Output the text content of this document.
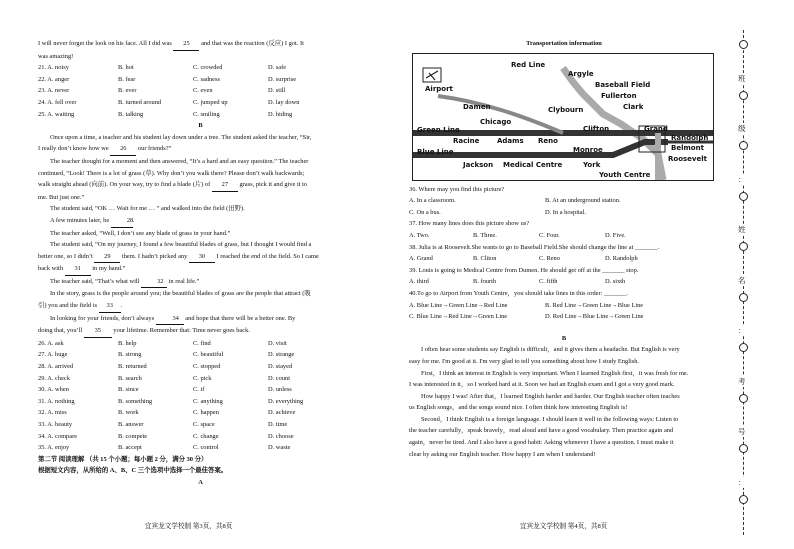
I will never forget the look on his face. All I did was 25 and that was the reaction (反应) I got. It

was amazing!

21. A. noisy	B. hot	C. crowded	D. safe
22. A. anger	B. fear	C. sadness	D. surprise
23. A. never	B. ever	C. even	D. still
24. A. fell over	B. turned around	C. jumped up	D. lay down
25. A. waiting	B. talking	C. smiling	D. hiding

B

Once upon a time, a teacher and his student lay down under a tree. The student asked the teacher, “Sir,

I really don’t know how we 26 our friends?”

The teacher thought for a moment and then answered, “It’s a hard and an easy question.” The teacher

continued, “Look! There is a lot of grass (草). Why don’t you walk there? Please don’t walk backwards;

walk straight ahead (向前). On your way, try to find a blade (片) of 27 grass, pick it and give it to

me. But just one.”

The student said, “OK … Wait for me … ” and walked into the field (田野).

A few minutes later, he	28.

The teacher asked, “Well, I don’t see any blade of grass in your hand.”

The student said, “On my journey, I found a few beautiful blades of grass, but I thought I would find a

better one, so I didn’t 29 them. I hadn’t picked any 30 I reached the end of the field. So I came

back with 31 in my hand.”

The teacher said, “That’s what will	32 in real life.”

In the story, grass is the people around you; the beautiful blades of grass are the people that attract (吸

引) you and the field is 33 .

In looking for your friends, don’t always	34 and hope that there will be a better one. By

doing that, you’ll 35 your lifetime. Remember that: Time never goes back.

26. A. ask	B. help	C. find	D. visit
27. A. huge	B. strong	C. beautiful	D. strange
28. A. arrived	B. returned	C. stopped	D. stayed
29. A. check	B. search	C. pick	D. count
30. A. when	B. since	C. if	D. unless
31. A. nothing	B. something	C. anything	D. everything
32. A. miss	B. work	C. happen	D. achieve
33. A. beauty	B. answer	C. space	D. time
34. A. compare	B. compete	C. change	D. choose
35. A. enjoy	B. accept	C. control	D. waste

第二节 阅读理解 （共 15 个小题；每小题 2 分，满分 30 分）

根据短文内容，从所给的 A、B、C 三个选项中选择一个最佳答案。

A

宜宾龙文学校制 第3页，共8页

Transportation information

Red Line
Argyle
Baseball Field
Fullerton
Airport
Damen	Clybourn	Clark
Chicago
Green Line
Racine	Adams Reno
Clifton	Grand
Randolph
Belmont
Blue Line
Jackson Medical Centre
Monroe
York
Roosevelt
Youth Centre

36. Where may you find this picture?

A. In a classroom.	B. At an underground station.
C. On a bus.	D. In a hospital.

37. How many lines does this picture show us?

A. Two.	B. Three.	C. Four.	D. Five.

38. Julia is at Roosevelt.She wants to go to Baseball Field.She should change the line at _______.

A. Grand	B. Cliton	C. Reno	D. Randolph

39. Louis is going to Medical Centre from Dumen. He should get off at the _______ stop.

A. third	B. fourth	C. fifth	D. sixth

40.To go to Airport from Youth Centre，you should take lines in this order: _______.

A. Blue Line→Green Line→Red Line	B. Red Line→Green Line→Blue Line
C. Blue Line→Red Line→Green Line	D. Red Line→Blue Line→Green Line

B

I often hear some students say English is difficult，and it gives them a headache. But English is very

easy for me. I'm good at it. I'm very glad to tell you something about how I study English.

First，I think an interest in English is very important. When I learned English first，it was fresh for me.

I was interested in it，so I worked hard at it. Soon we had an English exam and I got a very good mark.

How happy I was! After that，I learned English harder and harder. Our English teacher often teaches

us English songs，and the songs sound nice. I often think how interesting English is!

Second，I think English is a foreign language. I should learn it well in the following ways: Listen to

the teacher carefully，speak bravely，read aloud and have a good vocabulary. Then practice again and

again，never be tired. And I also have a good habit: Asking whenever I have a question. I must make it

clear by asking our English teacher. How happy I am when I understand!

宜宾龙文学校制 第4页，共8页
班
级
：
姓
名
：
考
号
：
